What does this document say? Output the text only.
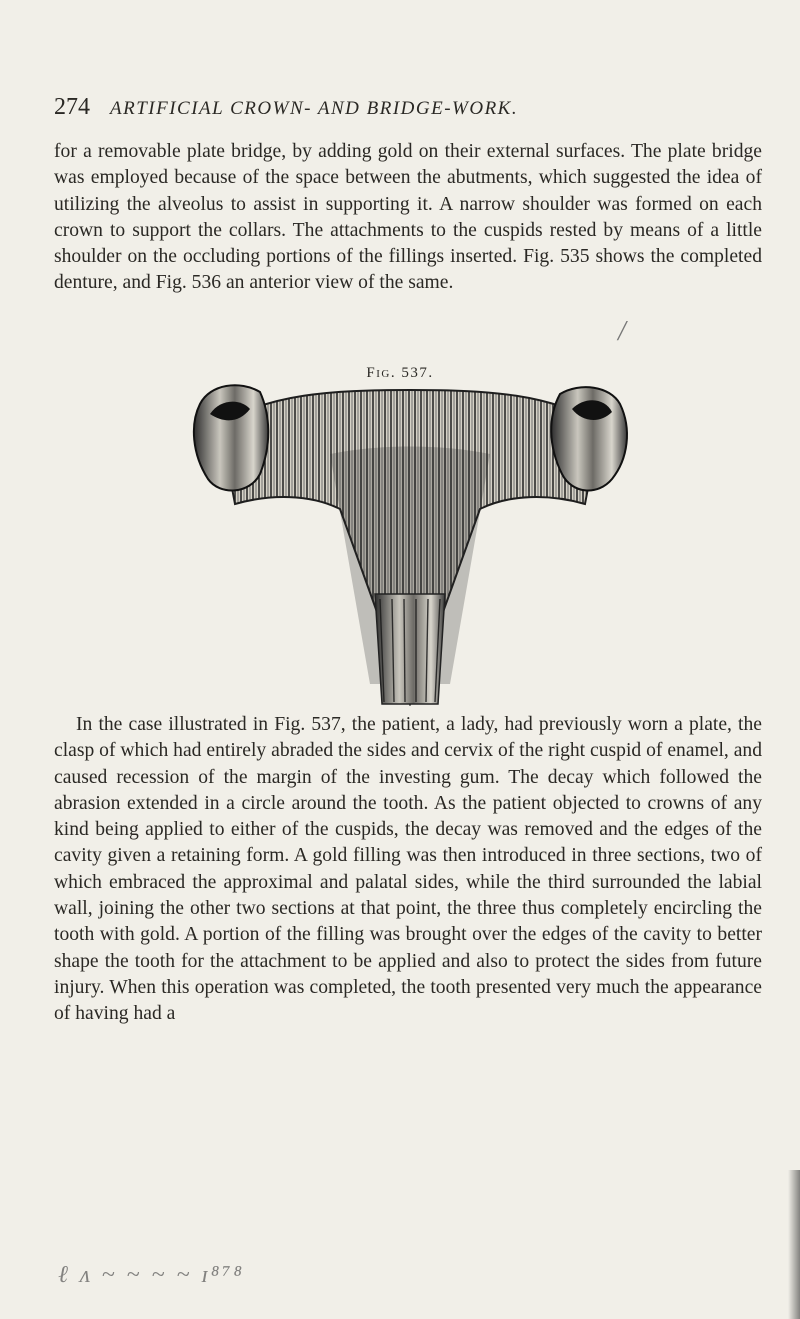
274 ARTIFICIAL CROWN- AND BRIDGE-WORK.

for a removable plate bridge, by adding gold on their external surfaces. The plate bridge was employed because of the space between the abutments, which suggested the idea of utilizing the alveolus to assist in supporting it. A narrow shoulder was formed on each crown to support the collars. The attachments to the cuspids rested by means of a little shoulder on the occluding portions of the fillings inserted. Fig. 535 shows the completed denture, and Fig. 536 an anterior view of the same.

/
Fig. 537.

In the case illustrated in Fig. 537, the patient, a lady, had previously worn a plate, the clasp of which had entirely abraded the sides and cervix of the right cuspid of enamel, and caused recession of the margin of the investing gum. The decay which followed the abrasion extended in a circle around the tooth. As the patient objected to crowns of any kind being applied to either of the cuspids, the decay was removed and the edges of the cavity given a retaining form. A gold filling was then introduced in three sections, two of which embraced the approximal and palatal sides, while the third surrounded the labial wall, joining the other two sections at that point, the three thus completely encircling the tooth with gold. A portion of the filling was brought over the edges of the cavity to better shape the tooth for the attachment to be applied and also to protect the sides from future injury. When this operation was completed, the tooth presented very much the appearance of having had a

ℓ ᴧ ~ ~ ~ ~ ɪ⁸⁷⁸
